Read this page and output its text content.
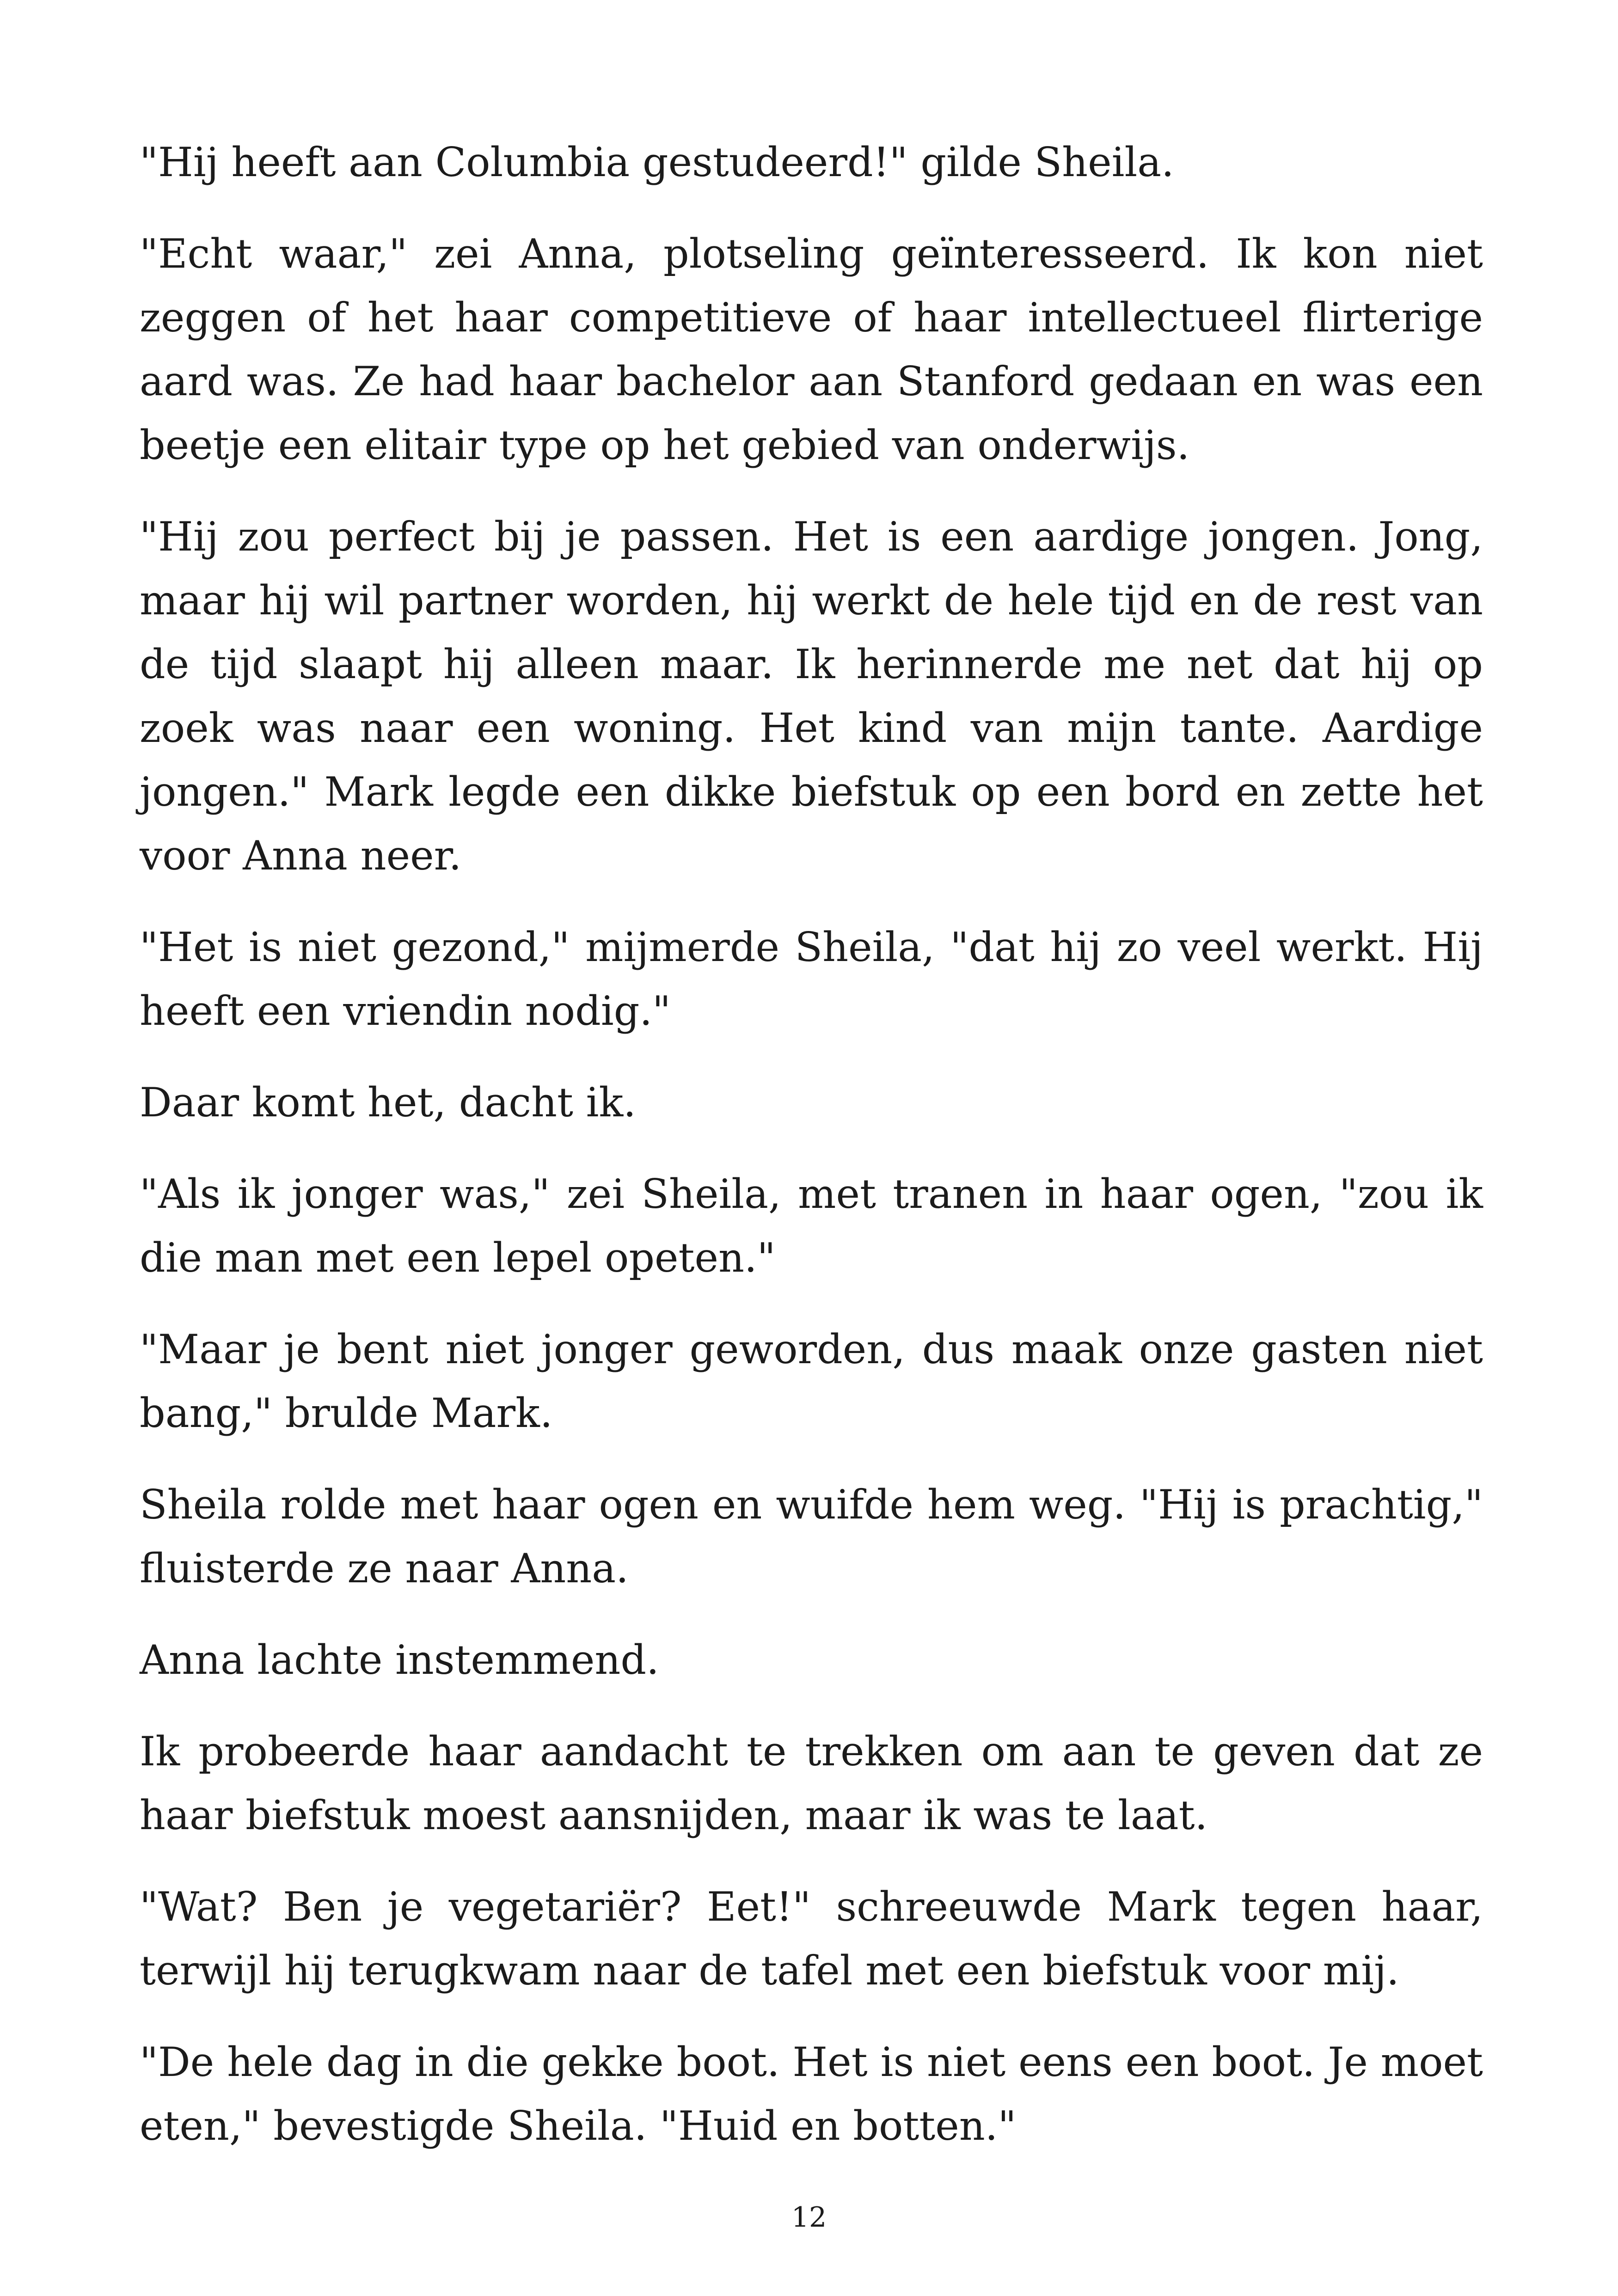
"Hij heeft aan Columbia gestudeerd!" gilde Sheila.

"Echt waar," zei Anna, plotseling geïnteresseerd. Ik kon niet zeggen of het haar competitieve of haar intellectueel flirterige aard was. Ze had haar bachelor aan Stanford gedaan en was een beetje een elitair type op het gebied van onderwijs.

"Hij zou perfect bij je passen. Het is een aardige jongen. Jong, maar hij wil partner worden, hij werkt de hele tijd en de rest van de tijd slaapt hij alleen maar. Ik herinnerde me net dat hij op zoek was naar een woning. Het kind van mijn tante. Aardige jongen." Mark legde een dikke biefstuk op een bord en zette het voor Anna neer.

"Het is niet gezond," mijmerde Sheila, "dat hij zo veel werkt. Hij heeft een vriendin nodig."

Daar komt het, dacht ik.

"Als ik jonger was," zei Sheila, met tranen in haar ogen, "zou ik die man met een lepel opeten."

"Maar je bent niet jonger geworden, dus maak onze gasten niet bang," brulde Mark.

Sheila rolde met haar ogen en wuifde hem weg. "Hij is prachtig," fluisterde ze naar Anna.

Anna lachte instemmend.

Ik probeerde haar aandacht te trekken om aan te geven dat ze haar biefstuk moest aansnijden, maar ik was te laat.

"Wat? Ben je vegetariër? Eet!" schreeuwde Mark tegen haar, terwijl hij terugkwam naar de tafel met een biefstuk voor mij.

"De hele dag in die gekke boot. Het is niet eens een boot. Je moet eten," bevestigde Sheila. "Huid en botten."

12
